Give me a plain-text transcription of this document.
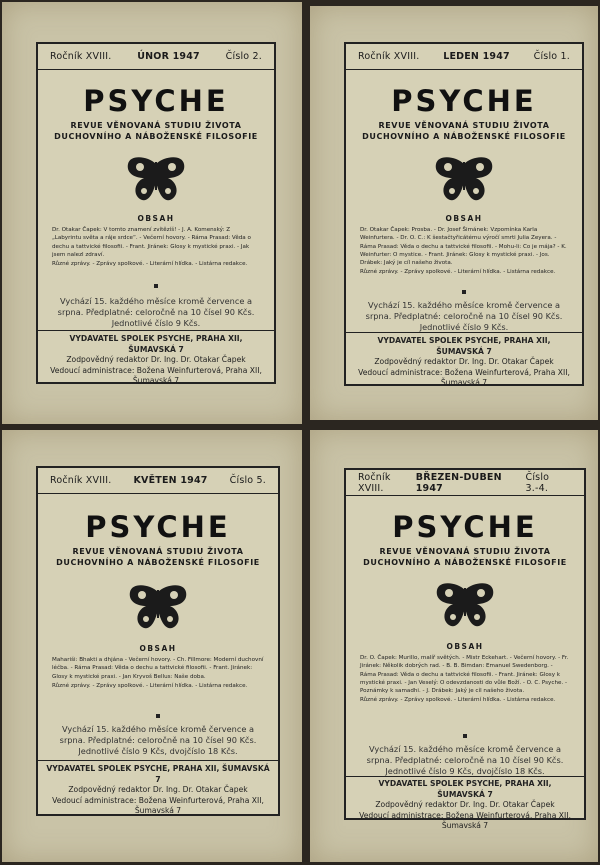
Ročník XVIII.	ÚNOR 1947	Číslo 2.
PSYCHE
REVUE VĚNOVANÁ STUDIU ŽIVOTA DUCHOVNÍHO A NÁBOŽENSKÉ FILOSOFIE
OBSAH
Dr. Otakar Čapek: V tomto znamení zvítězíš! - J. A. Komenský: Z „Labyrintu světa a ráje srdce“. - Večerní hovory. - Ráma Prasad: Věda o dechu a tattvické filosofii. - Frant. Jiránek: Glosy k mystické praxi. - Jak jsem nalezl zdraví.
Různé zprávy. - Zprávy spolkové. - Literární hlídka. - Listárna redakce.
Vychází 15. každého měsíce kromě července a srpna. Předplatné: celoročně na 10 čísel 90 Kčs. Jednotlivé číslo 9 Kčs.
VYDAVATEL SPOLEK PSYCHE, PRAHA XII, ŠUMAVSKÁ 7
Zodpovědný redaktor Dr. Ing. Dr. Otakar Čapek
Vedoucí administrace: Božena Weinfurterová, Praha XII, Šumavská 7
Ročník XVIII.	LEDEN 1947	Číslo 1.
PSYCHE
REVUE VĚNOVANÁ STUDIU ŽIVOTA DUCHOVNÍHO A NÁBOŽENSKÉ FILOSOFIE
OBSAH
Dr. Otakar Čapek: Prosba. - Dr. Josef Šimánek: Vzpomínka Karla Weinfurtera. - Dr. O. C.: K šestačtyřicátému výročí smrti Julia Zeyera. - Ráma Prasad: Věda o dechu a tattvické filosofii. - Mohu-li: Co je mája? - K. Weinfurter: O mystice. - Frant. Jiránek: Glosy k mystické praxi. - Jos. Drábek: Jaký je cíl našeho života.
Různé zprávy. - Zprávy spolkové. - Literární hlídka. - Listárna redakce.
Vychází 15. každého měsíce kromě července a srpna. Předplatné: celoročně na 10 čísel 90 Kčs. Jednotlivé číslo 9 Kčs.
VYDAVATEL SPOLEK PSYCHE, PRAHA XII, ŠUMAVSKÁ 7
Zodpovědný redaktor Dr. Ing. Dr. Otakar Čapek
Vedoucí administrace: Božena Weinfurterová, Praha XII, Šumavská 7
Ročník XVIII. KVĚTEN 1947 Číslo 5.
PSYCHE
REVUE VĚNOVANÁ STUDIU ŽIVOTA DUCHOVNÍHO A NÁBOŽENSKÉ FILOSOFIE
OBSAH
Mahariši: Bhakti a dhjána - Večerní hovory. - Ch. Fillmore: Moderní duchovní léčba. - Ráma Prasad: Věda o dechu a tattvické filosofii. - Frant. Jiránek: Glosy k mystické praxi. - Jan Kryvoš Bellus: Naše doba.
Různé zprávy. - Zprávy spolkové. - Literární hlídka. - Listárna redakce.
Vychází 15. každého měsíce kromě července a srpna. Předplatné: celoročně na 10 čísel 90 Kčs. Jednotlivé číslo 9 Kčs, dvojčíslo 18 Kčs.
VYDAVATEL SPOLEK PSYCHE, PRAHA XII, ŠUMAVSKÁ 7
Zodpovědný redaktor Dr. Ing. Dr. Otakar Čapek
Vedoucí administrace: Božena Weinfurterová, Praha XII, Šumavská 7
Ročník XVIII.
BŘEZEN-DUBEN 1947
Číslo 3.-4.
PSYCHE
REVUE VĚNOVANÁ STUDIU ŽIVOTA DUCHOVNÍHO A NÁBOŽENSKÉ FILOSOFIE
OBSAH
Dr. O. Čapek: Murillo, malíř světých. - Mistr Eckehart. - Večerní hovory. - Fr. Jiránek: Několik dobrých rad. - B. B. Bimdan: Emanuel Swedenborg. - Ráma Prasad: Věda o dechu a tattvické filosofii. - Frant. Jiránek: Glosy k mystické praxi. - Jan Veselý: O odevzdanosti do vůle Boží. - O. C. Psyche. - Poznámky k samadhi. - J. Drábek: Jaký je cíl našeho života.
Různé zprávy. - Zprávy spolkové. - Literární hlídka. - Listárna redakce.
Vychází 15. každého měsíce kromě července a srpna. Předplatné: celoročně na 10 čísel 90 Kčs. Jednotlivé číslo 9 Kčs, dvojčíslo 18 Kčs.
VYDAVATEL SPOLEK PSYCHE, PRAHA XII, ŠUMAVSKÁ 7
Zodpovědný redaktor Dr. Ing. Dr. Otakar Čapek
Vedoucí administrace: Božena Weinfurterová, Praha XII, Šumavská 7
